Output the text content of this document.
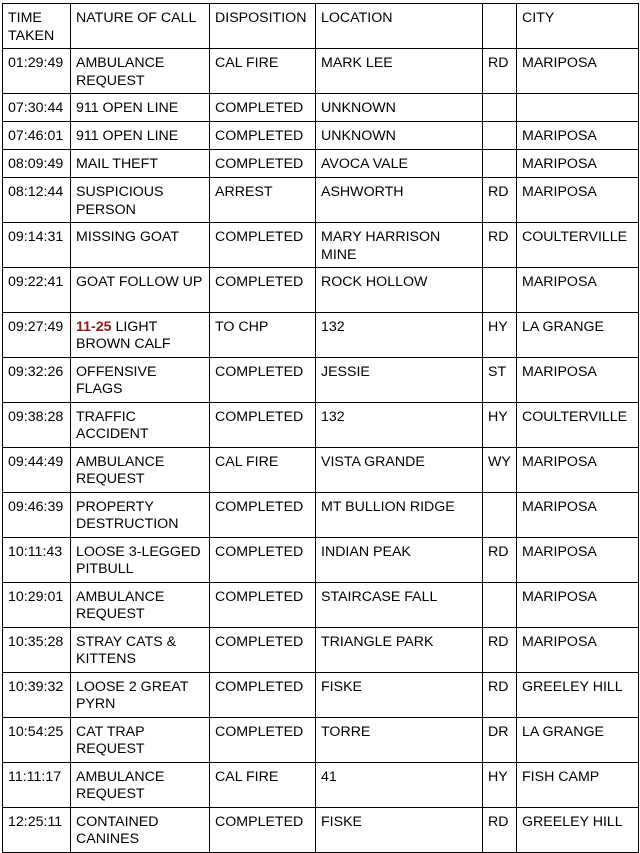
TIME TAKEN	NATURE OF CALL	DISPOSITION	LOCATION		CITY
01:29:49	AMBULANCE REQUEST	CAL FIRE	MARK LEE	RD	MARIPOSA
07:30:44	911 OPEN LINE	COMPLETED	UNKNOWN		
07:46:01	911 OPEN LINE	COMPLETED	UNKNOWN		MARIPOSA
08:09:49	MAIL THEFT	COMPLETED	AVOCA VALE		MARIPOSA
08:12:44	SUSPICIOUS PERSON	ARREST	ASHWORTH	RD	MARIPOSA
09:14:31	MISSING GOAT	COMPLETED	MARY HARRISON MINE	RD	COULTERVILLE
09:22:41	GOAT FOLLOW UP	COMPLETED	ROCK HOLLOW		MARIPOSA
09:27:49	11-25 LIGHT BROWN CALF	TO CHP	132	HY	LA GRANGE
09:32:26	OFFENSIVE FLAGS	COMPLETED	JESSIE	ST	MARIPOSA
09:38:28	TRAFFIC ACCIDENT	COMPLETED	132	HY	COULTERVILLE
09:44:49	AMBULANCE REQUEST	CAL FIRE	VISTA GRANDE	WY	MARIPOSA
09:46:39	PROPERTY DESTRUCTION	COMPLETED	MT BULLION RIDGE		MARIPOSA
10:11:43	LOOSE 3-LEGGED PITBULL	COMPLETED	INDIAN PEAK	RD	MARIPOSA
10:29:01	AMBULANCE REQUEST	COMPLETED	STAIRCASE FALL		MARIPOSA
10:35:28	STRAY CATS & KITTENS	COMPLETED	TRIANGLE PARK	RD	MARIPOSA
10:39:32	LOOSE 2 GREAT PYRN	COMPLETED	FISKE	RD	GREELEY HILL
10:54:25	CAT TRAP REQUEST	COMPLETED	TORRE	DR	LA GRANGE
11:11:17	AMBULANCE REQUEST	CAL FIRE	41	HY	FISH CAMP
12:25:11	CONTAINED CANINES	COMPLETED	FISKE	RD	GREELEY HILL
